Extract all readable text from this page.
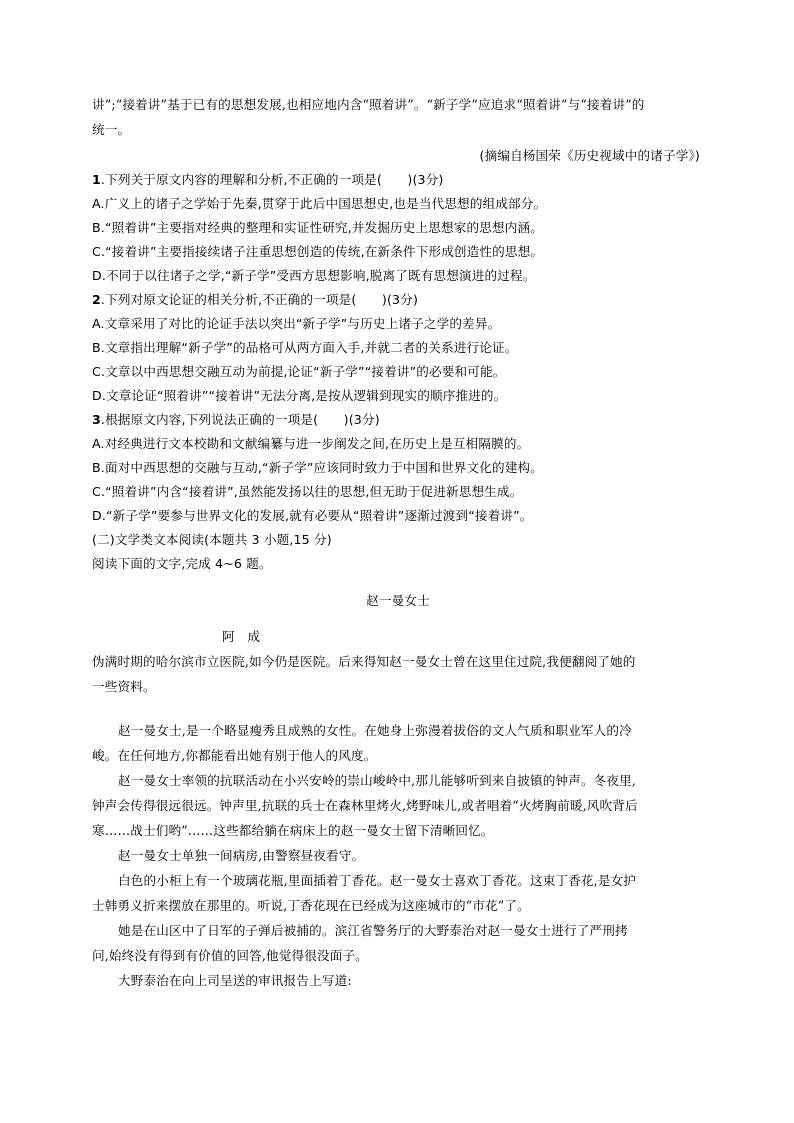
讲”;“接着讲”基于已有的思想发展,也相应地内含“照着讲”。“新子学”应追求“照着讲”与“接着讲”的
统一。
(摘编自杨国荣《历史视域中的诸子学》)
1.下列关于原文内容的理解和分析,不正确的一项是(　　)(3分)
A.广义上的诸子之学始于先秦,贯穿于此后中国思想史,也是当代思想的组成部分。
B.“照着讲”主要指对经典的整理和实证性研究,并发掘历史上思想家的思想内涵。
C.“接着讲”主要指接续诸子注重思想创造的传统,在新条件下形成创造性的思想。
D.不同于以往诸子之学,“新子学”受西方思想影响,脱离了既有思想演进的过程。
2.下列对原文论证的相关分析,不正确的一项是(　　)(3分)
A.文章采用了对比的论证手法以突出“新子学”与历史上诸子之学的差异。
B.文章指出理解“新子学”的品格可从两方面入手,并就二者的关系进行论证。
C.文章以中西思想交融互动为前提,论证“新子学”“接着讲”的必要和可能。
D.文章论证“照着讲”“接着讲”无法分离,是按从逻辑到现实的顺序推进的。
3.根据原文内容,下列说法正确的一项是(　　)(3分)
A.对经典进行文本校勘和文献编纂与进一步阐发之间,在历史上是互相隔膜的。
B.面对中西思想的交融与互动,“新子学”应该同时致力于中国和世界文化的建构。
C.“照着讲”内含“接着讲”,虽然能发扬以往的思想,但无助于促进新思想生成。
D.“新子学”要参与世界文化的发展,就有必要从“照着讲”逐渐过渡到“接着讲”。
(二)文学类文本阅读(本题共 3 小题,15 分)
阅读下面的文字,完成 4~6 题。
赵一曼女士
阿　成
伪满时期的哈尔滨市立医院,如今仍是医院。后来得知赵一曼女士曾在这里住过院,我便翻阅了她的
一些资料。
赵一曼女士,是一个略显瘦秀且成熟的女性。在她身上弥漫着拔俗的文人气质和职业军人的冷
峻。在任何地方,你都能看出她有别于他人的风度。
赵一曼女士率领的抗联活动在小兴安岭的崇山峻岭中,那儿能够听到来自披镇的钟声。冬夜里,
钟声会传得很远很远。钟声里,抗联的兵士在森林里烤火,烤野味儿,或者唱着“火烤胸前暖,风吹背后
寒……战士们哟”……这些都给躺在病床上的赵一曼女士留下清晰回忆。
赵一曼女士单独一间病房,由警察昼夜看守。
白色的小柜上有一个玻璃花瓶,里面插着丁香花。赵一曼女士喜欢丁香花。这束丁香花,是女护
士韩勇义折来摆放在那里的。听说,丁香花现在已经成为这座城市的“市花”了。
她是在山区中了日军的子弹后被捕的。滨江省警务厅的大野泰治对赵一曼女士进行了严刑拷
问,始终没有得到有价值的回答,他觉得很没面子。
大野泰治在向上司呈送的审讯报告上写道:
